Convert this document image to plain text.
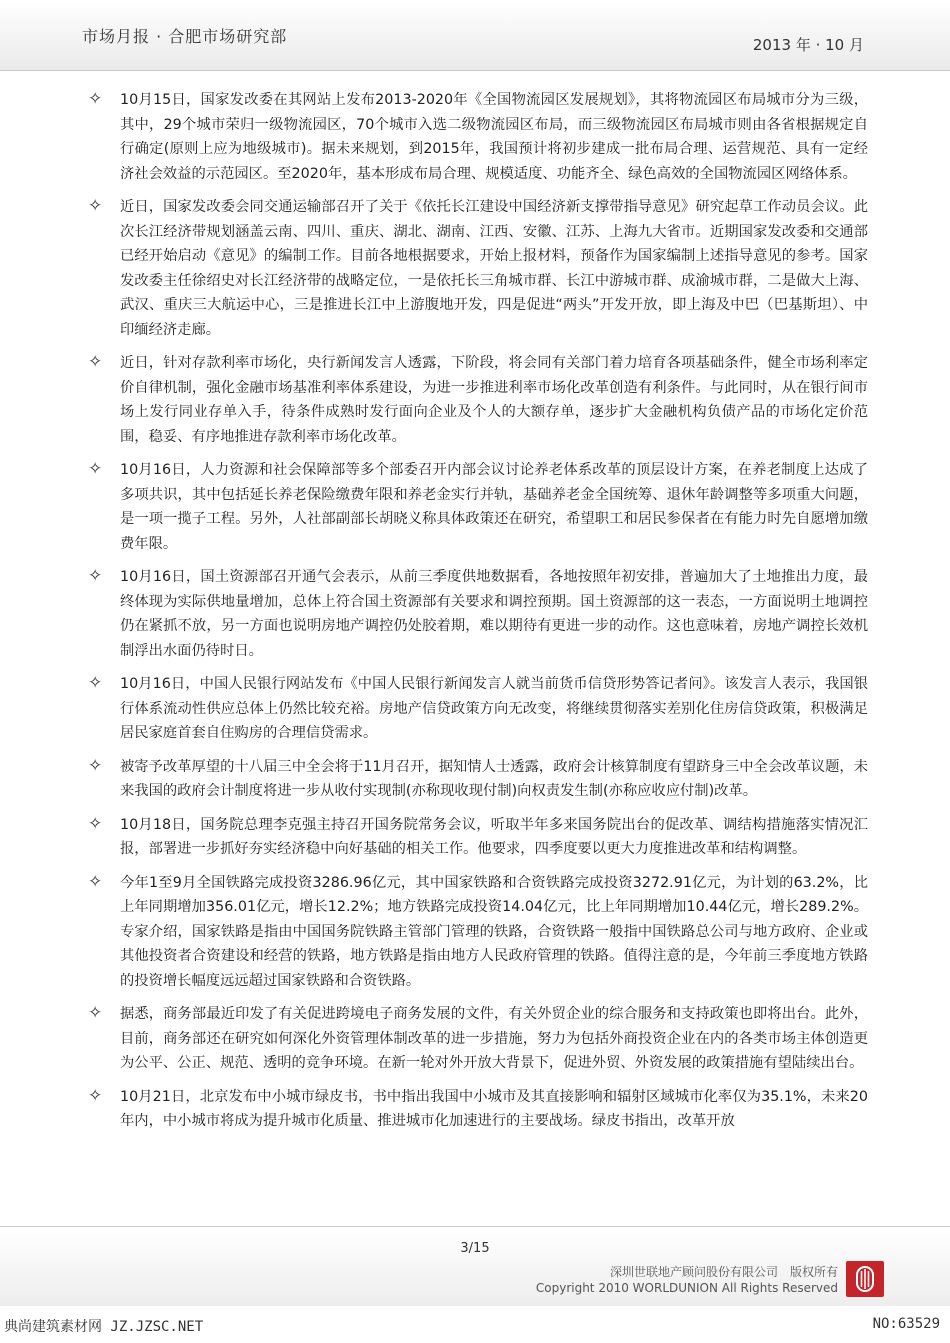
市场月报 · 合肥市场研究部	2013 年 · 10 月
✧ 10月15日，国家发改委在其网站上发布2013-2020年《全国物流园区发展规划》，其将物流园区布局城市分为三级，其中，29个城市荣归一级物流园区，70个城市入选二级物流园区布局，而三级物流园区布局城市则由各省根据规定自行确定(原则上应为地级城市)。据未来规划，到2015年，我国预计将初步建成一批布局合理、运营规范、具有一定经济社会效益的示范园区。至2020年，基本形成布局合理、规模适度、功能齐全、绿色高效的全国物流园区网络体系。

✧ 近日，国家发改委会同交通运输部召开了关于《依托长江建设中国经济新支撑带指导意见》研究起草工作动员会议。此次长江经济带规划涵盖云南、四川、重庆、湖北、湖南、江西、安徽、江苏、上海九大省市。近期国家发改委和交通部已经开始启动《意见》的编制工作。目前各地根据要求，开始上报材料，预备作为国家编制上述指导意见的参考。国家发改委主任徐绍史对长江经济带的战略定位，一是依托长三角城市群、长江中游城市群、成渝城市群，二是做大上海、武汉、重庆三大航运中心，三是推进长江中上游腹地开发，四是促进“两头”开发开放，即上海及中巴（巴基斯坦）、中印缅经济走廊。

✧ 近日，针对存款利率市场化，央行新闻发言人透露，下阶段，将会同有关部门着力培育各项基础条件，健全市场利率定价自律机制，强化金融市场基准利率体系建设，为进一步推进利率市场化改革创造有利条件。与此同时，从在银行间市场上发行同业存单入手，待条件成熟时发行面向企业及个人的大额存单，逐步扩大金融机构负债产品的市场化定价范围，稳妥、有序地推进存款利率市场化改革。

✧ 10月16日，人力资源和社会保障部等多个部委召开内部会议讨论养老体系改革的顶层设计方案，在养老制度上达成了多项共识，其中包括延长养老保险缴费年限和养老金实行并轨，基础养老金全国统筹、退休年龄调整等多项重大问题，是一项一揽子工程。另外，人社部副部长胡晓义称具体政策还在研究，希望职工和居民参保者在有能力时先自愿增加缴费年限。

✧ 10月16日，国土资源部召开通气会表示，从前三季度供地数据看，各地按照年初安排，普遍加大了土地推出力度，最终体现为实际供地量增加，总体上符合国土资源部有关要求和调控预期。国土资源部的这一表态，一方面说明土地调控仍在紧抓不放，另一方面也说明房地产调控仍处胶着期，难以期待有更进一步的动作。这也意味着，房地产调控长效机制浮出水面仍待时日。

✧ 10月16日，中国人民银行网站发布《中国人民银行新闻发言人就当前货币信贷形势答记者问》。该发言人表示，我国银行体系流动性供应总体上仍然比较充裕。房地产信贷政策方向无改变，将继续贯彻落实差别化住房信贷政策，积极满足居民家庭首套自住购房的合理信贷需求。

✧ 被寄予改革厚望的十八届三中全会将于11月召开，据知情人士透露，政府会计核算制度有望跻身三中全会改革议题，未来我国的政府会计制度将进一步从收付实现制(亦称现收现付制)向权责发生制(亦称应收应付制)改革。

✧ 10月18日，国务院总理李克强主持召开国务院常务会议，听取半年多来国务院出台的促改革、调结构措施落实情况汇报，部署进一步抓好夯实经济稳中向好基础的相关工作。他要求，四季度要以更大力度推进改革和结构调整。

✧ 今年1至9月全国铁路完成投资3286.96亿元，其中国家铁路和合资铁路完成投资3272.91亿元，为计划的63.2%，比上年同期增加356.01亿元，增长12.2%；地方铁路完成投资14.04亿元，比上年同期增加10.44亿元，增长289.2%。专家介绍，国家铁路是指由中国国务院铁路主管部门管理的铁路，合资铁路一般指中国铁路总公司与地方政府、企业或其他投资者合资建设和经营的铁路，地方铁路是指由地方人民政府管理的铁路。值得注意的是，今年前三季度地方铁路的投资增长幅度远远超过国家铁路和合资铁路。

✧ 据悉，商务部最近印发了有关促进跨境电子商务发展的文件，有关外贸企业的综合服务和支持政策也即将出台。此外，目前，商务部还在研究如何深化外资管理体制改革的进一步措施，努力为包括外商投资企业在内的各类市场主体创造更为公平、公正、规范、透明的竞争环境。在新一轮对外开放大背景下，促进外贸、外资发展的政策措施有望陆续出台。

✧ 10月21日，北京发布中小城市绿皮书，书中指出我国中小城市及其直接影响和辐射区域城市化率仅为35.1%，未来20年内，中小城市将成为提升城市化质量、推进城市化加速进行的主要战场。绿皮书指出，改革开放

3/15
深圳世联地产顾问股份有限公司　版权所有
Copyright 2010 WORLDUNION All Rights Reserved
典尚建筑素材网 JZ.JZSC.NET	NO:63529
